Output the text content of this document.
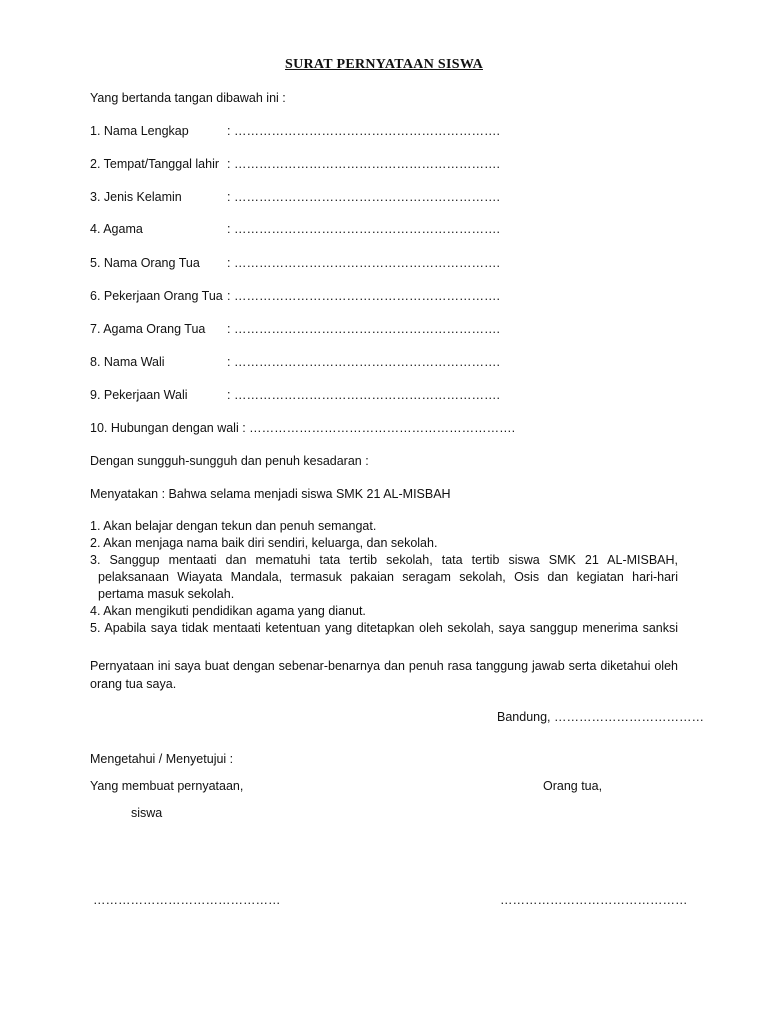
SURAT PERNYATAAN SISWA
Yang bertanda tangan dibawah ini :
1. Nama Lengkap	: ……………………………………………………….
2. Tempat/Tanggal lahir : ……………………………………………………….
3. Jenis Kelamin	: ……………………………………………………….
4. Agama	: ……………………………………………………….
5. Nama Orang Tua : ……………………………………………………….
6. Pekerjaan Orang Tua : ……………………………………………………….
7. Agama Orang Tua : ……………………………………………………….
8. Nama Wali	: ……………………………………………………….
9. Pekerjaan Wali	: ……………………………………………………….
10. Hubungan dengan wali : ……………………………………………………….
Dengan sungguh-sungguh dan penuh kesadaran :
Menyatakan : Bahwa selama menjadi siswa SMK 21 AL-MISBAH
1. Akan belajar dengan tekun dan penuh semangat.
2. Akan menjaga nama baik diri sendiri, keluarga, dan sekolah.
3. Sanggup mentaati dan mematuhi tata tertib sekolah, tata tertib siswa SMK 21 AL-MISBAH,
pelaksanaan Wiayata Mandala, termasuk pakaian seragam sekolah, Osis dan kegiatan hari-hari pertama masuk sekolah.
4. Akan mengikuti pendidikan agama yang dianut.
5. Apabila saya tidak mentaati ketentuan yang ditetapkan oleh sekolah, saya sanggup menerima sanksi
Pernyataan ini saya buat dengan sebenar-benarnya dan penuh rasa tanggung jawab serta diketahui oleh
orang tua saya.
Bandung, ………………………………
Mengetahui / Menyetujui :
Yang membuat pernyataan,	Orang tua,
siswa
………………………………………	………………………………………
